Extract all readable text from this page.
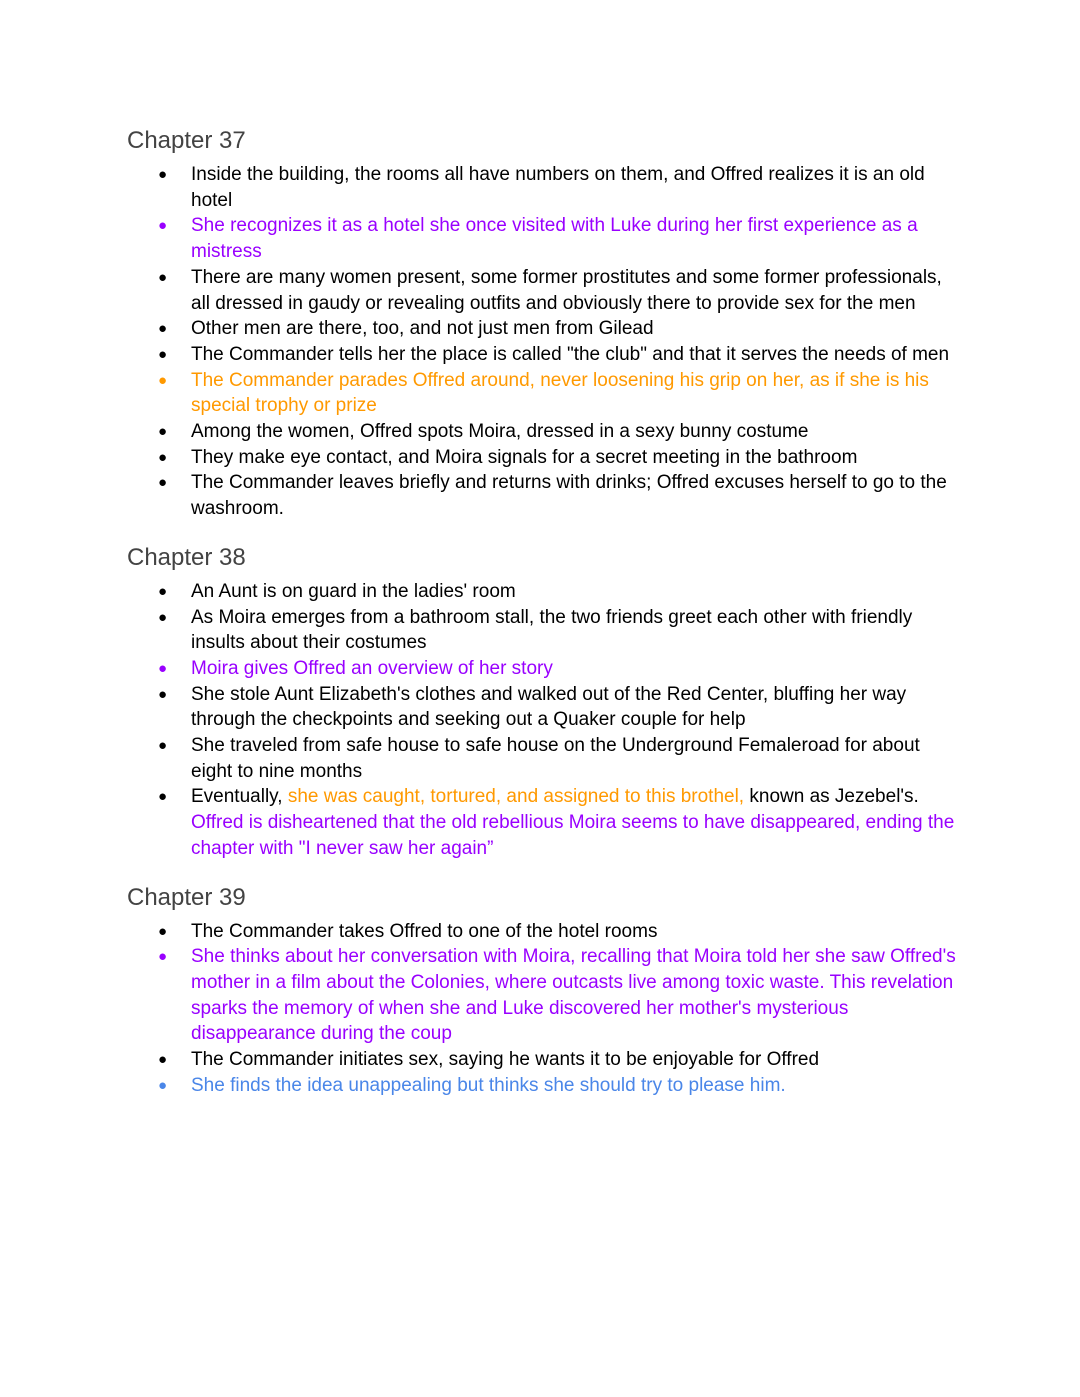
Chapter 37
● Inside the building, the rooms all have numbers on them, and Offred realizes it is an old hotel
● She recognizes it as a hotel she once visited with Luke during her first experience as a mistress
● There are many women present, some former prostitutes and some former professionals, all dressed in gaudy or revealing outfits and obviously there to provide sex for the men
● Other men are there, too, and not just men from Gilead
● The Commander tells her the place is called "the club" and that it serves the needs of men
● The Commander parades Offred around, never loosening his grip on her, as if she is his special trophy or prize
● Among the women, Offred spots Moira, dressed in a sexy bunny costume
● They make eye contact, and Moira signals for a secret meeting in the bathroom
● The Commander leaves briefly and returns with drinks; Offred excuses herself to go to the washroom.
Chapter 38
● An Aunt is on guard in the ladies' room
● As Moira emerges from a bathroom stall, the two friends greet each other with friendly insults about their costumes
● Moira gives Offred an overview of her story
● She stole Aunt Elizabeth's clothes and walked out of the Red Center, bluffing her way through the checkpoints and seeking out a Quaker couple for help
● She traveled from safe house to safe house on the Underground Femaleroad for about eight to nine months
● Eventually, she was caught, tortured, and assigned to this brothel, known as Jezebel's. Offred is disheartened that the old rebellious Moira seems to have disappeared, ending the chapter with "I never saw her again”
Chapter 39
● The Commander takes Offred to one of the hotel rooms
● She thinks about her conversation with Moira, recalling that Moira told her she saw Offred's mother in a film about the Colonies, where outcasts live among toxic waste. This revelation sparks the memory of when she and Luke discovered her mother's mysterious disappearance during the coup
● The Commander initiates sex, saying he wants it to be enjoyable for Offred
● She finds the idea unappealing but thinks she should try to please him.
